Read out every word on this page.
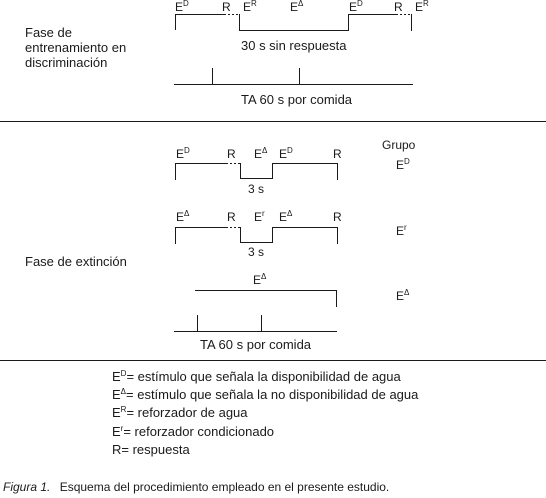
Fase de
entrenamiento en
discriminación
$E^D$	R $E^R$	$E^\Delta$	$E^D$	R $E^R$
30 s sin respuesta
TA 60 s por comida
Fase de extinción
Grupo
$E^D$	R $E^\Delta$ $E^D$	R
3 s
$E^D$
$E^\Delta$	R $E^r$ $E^\Delta$	R
3 s
$E^r$
$E^\Delta$
$E^\Delta$
TA 60 s por comida
$E^D=$ estímulo que señala la disponibilidad de agua
$E^\Delta=$ estímulo que señala la no disponibilidad de agua
$E^R=$ reforzador de agua
$E^r=$ reforzador condicionado
R= respuesta
Figura 1. Esquema del procedimiento empleado en el presente estudio.
